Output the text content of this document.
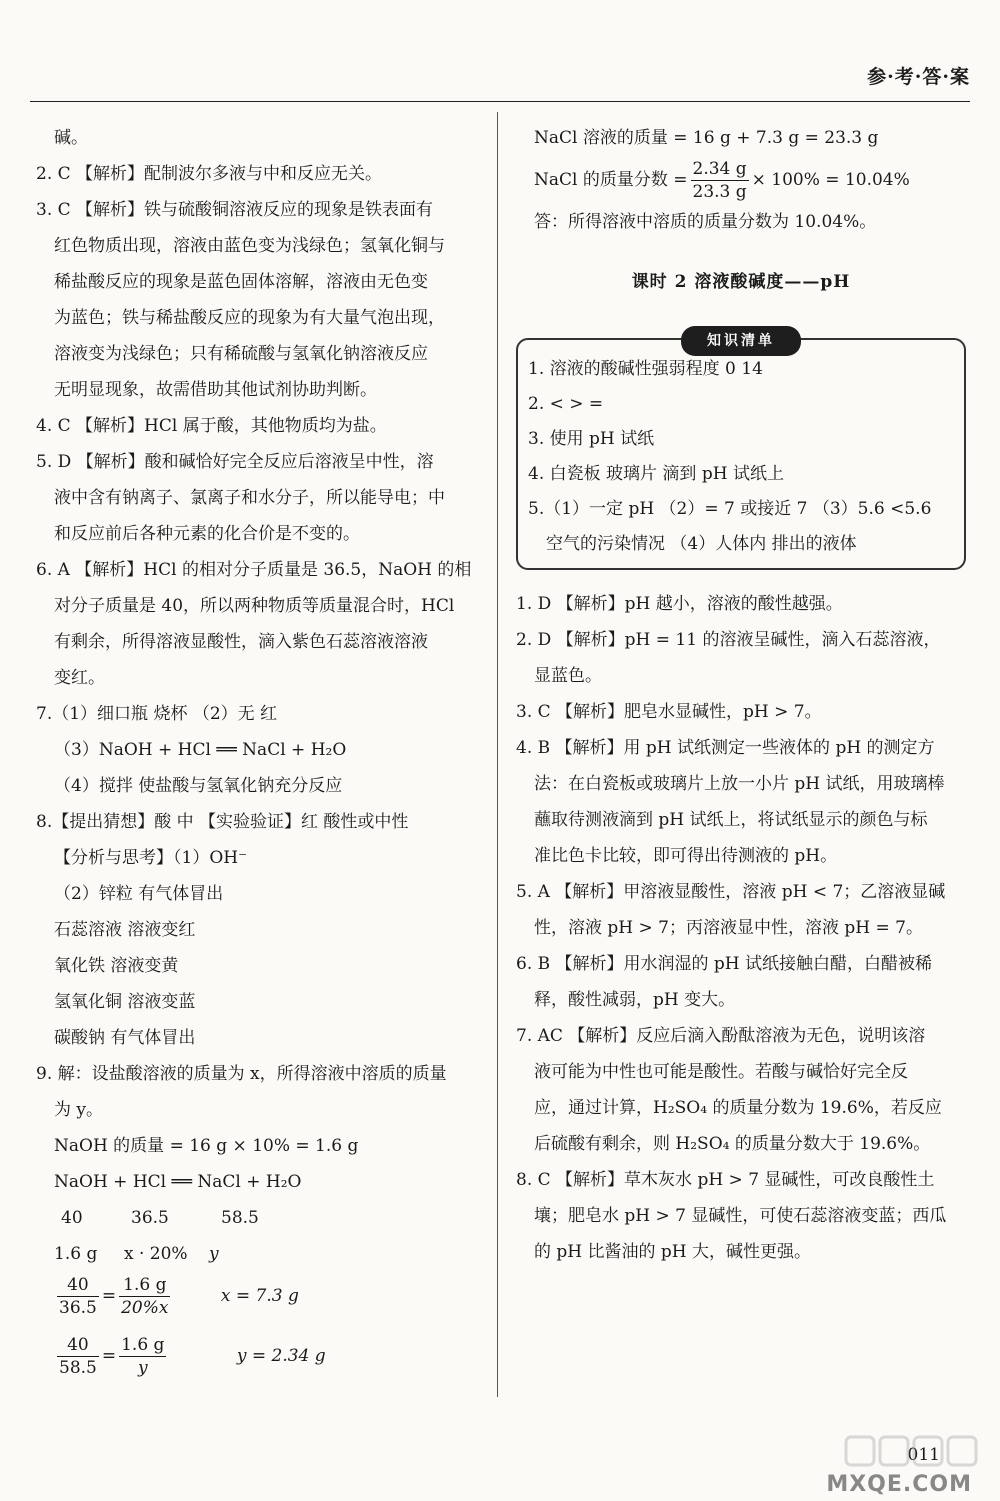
参·考·答·案
碱。
2. C 【解析】配制波尔多液与中和反应无关。
3. C 【解析】铁与硫酸铜溶液反应的现象是铁表面有
红色物质出现，溶液由蓝色变为浅绿色；氢氧化铜与
稀盐酸反应的现象是蓝色固体溶解，溶液由无色变
为蓝色；铁与稀盐酸反应的现象为有大量气泡出现，
溶液变为浅绿色；只有稀硫酸与氢氧化钠溶液反应
无明显现象，故需借助其他试剂协助判断。
4. C 【解析】HCl 属于酸，其他物质均为盐。
5. D 【解析】酸和碱恰好完全反应后溶液呈中性，溶
液中含有钠离子、氯离子和水分子，所以能导电；中
和反应前后各种元素的化合价是不变的。
6. A 【解析】HCl 的相对分子质量是 36.5，NaOH 的相
对分子质量是 40，所以两种物质等质量混合时，HCl
有剩余，所得溶液显酸性，滴入紫色石蕊溶液溶液
变红。
7.（1）细口瓶 烧杯 （2）无 红
（3）NaOH + HCl ══ NaCl + H₂O
（4）搅拌 使盐酸与氢氧化钠充分反应
8.【提出猜想】酸 中 【实验验证】红 酸性或中性
【分析与思考】（1）OH⁻
（2）锌粒 有气体冒出
石蕊溶液 溶液变红
氧化铁 溶液变黄
氢氧化铜 溶液变蓝
碳酸钠 有气体冒出
9. 解：设盐酸溶液的质量为 x，所得溶液中溶质的质量
为 y。
NaOH 的质量 = 16 g × 10% = 1.6 g
NaOH + HCl ══ NaCl + H₂O
40	36.5	58.5
1.6 g x · 20% y
$\frac{40}{36.5} = \frac{1.6 g}{20\%x}$	x = 7.3 g
$\frac{40}{58.5} = \frac{1.6 g}{y}$	y = 2.34 g
NaCl 溶液的质量 = 16 g + 7.3 g = 23.3 g
NaCl 的质量分数 = $\frac{2.34 g}{23.3 g} \times 100\% = 10.04\%$
答：所得溶液中溶质的质量分数为 10.04%。
课时 2 溶液酸碱度——pH
知识清单
1. 溶液的酸碱性强弱程度 0 14
2. < > =
3. 使用 pH 试纸
4. 白瓷板 玻璃片 滴到 pH 试纸上
5.（1）一定 pH （2）= 7 或接近 7 （3）5.6 <5.6
空气的污染情况 （4）人体内 排出的液体
1. D 【解析】pH 越小，溶液的酸性越强。
2. D 【解析】pH = 11 的溶液呈碱性，滴入石蕊溶液，
显蓝色。
3. C 【解析】肥皂水显碱性，pH > 7。
4. B 【解析】用 pH 试纸测定一些液体的 pH 的测定方
法：在白瓷板或玻璃片上放一小片 pH 试纸，用玻璃棒
蘸取待测液滴到 pH 试纸上，将试纸显示的颜色与标
准比色卡比较，即可得出待测液的 pH。
5. A 【解析】甲溶液显酸性，溶液 pH < 7；乙溶液显碱
性，溶液 pH > 7；丙溶液显中性，溶液 pH = 7。
6. B 【解析】用水润湿的 pH 试纸接触白醋，白醋被稀
释，酸性减弱，pH 变大。
7. AC 【解析】反应后滴入酚酞溶液为无色，说明该溶
液可能为中性也可能是酸性。若酸与碱恰好完全反
应，通过计算，H₂SO₄ 的质量分数为 19.6%，若反应
后硫酸有剩余，则 H₂SO₄ 的质量分数大于 19.6%。
8. C 【解析】草木灰水 pH > 7 显碱性，可改良酸性土
壤；肥皂水 pH > 7 显碱性，可使石蕊溶液变蓝；西瓜
的 pH 比酱油的 pH 大，碱性更强。
011
MXQE.COM
